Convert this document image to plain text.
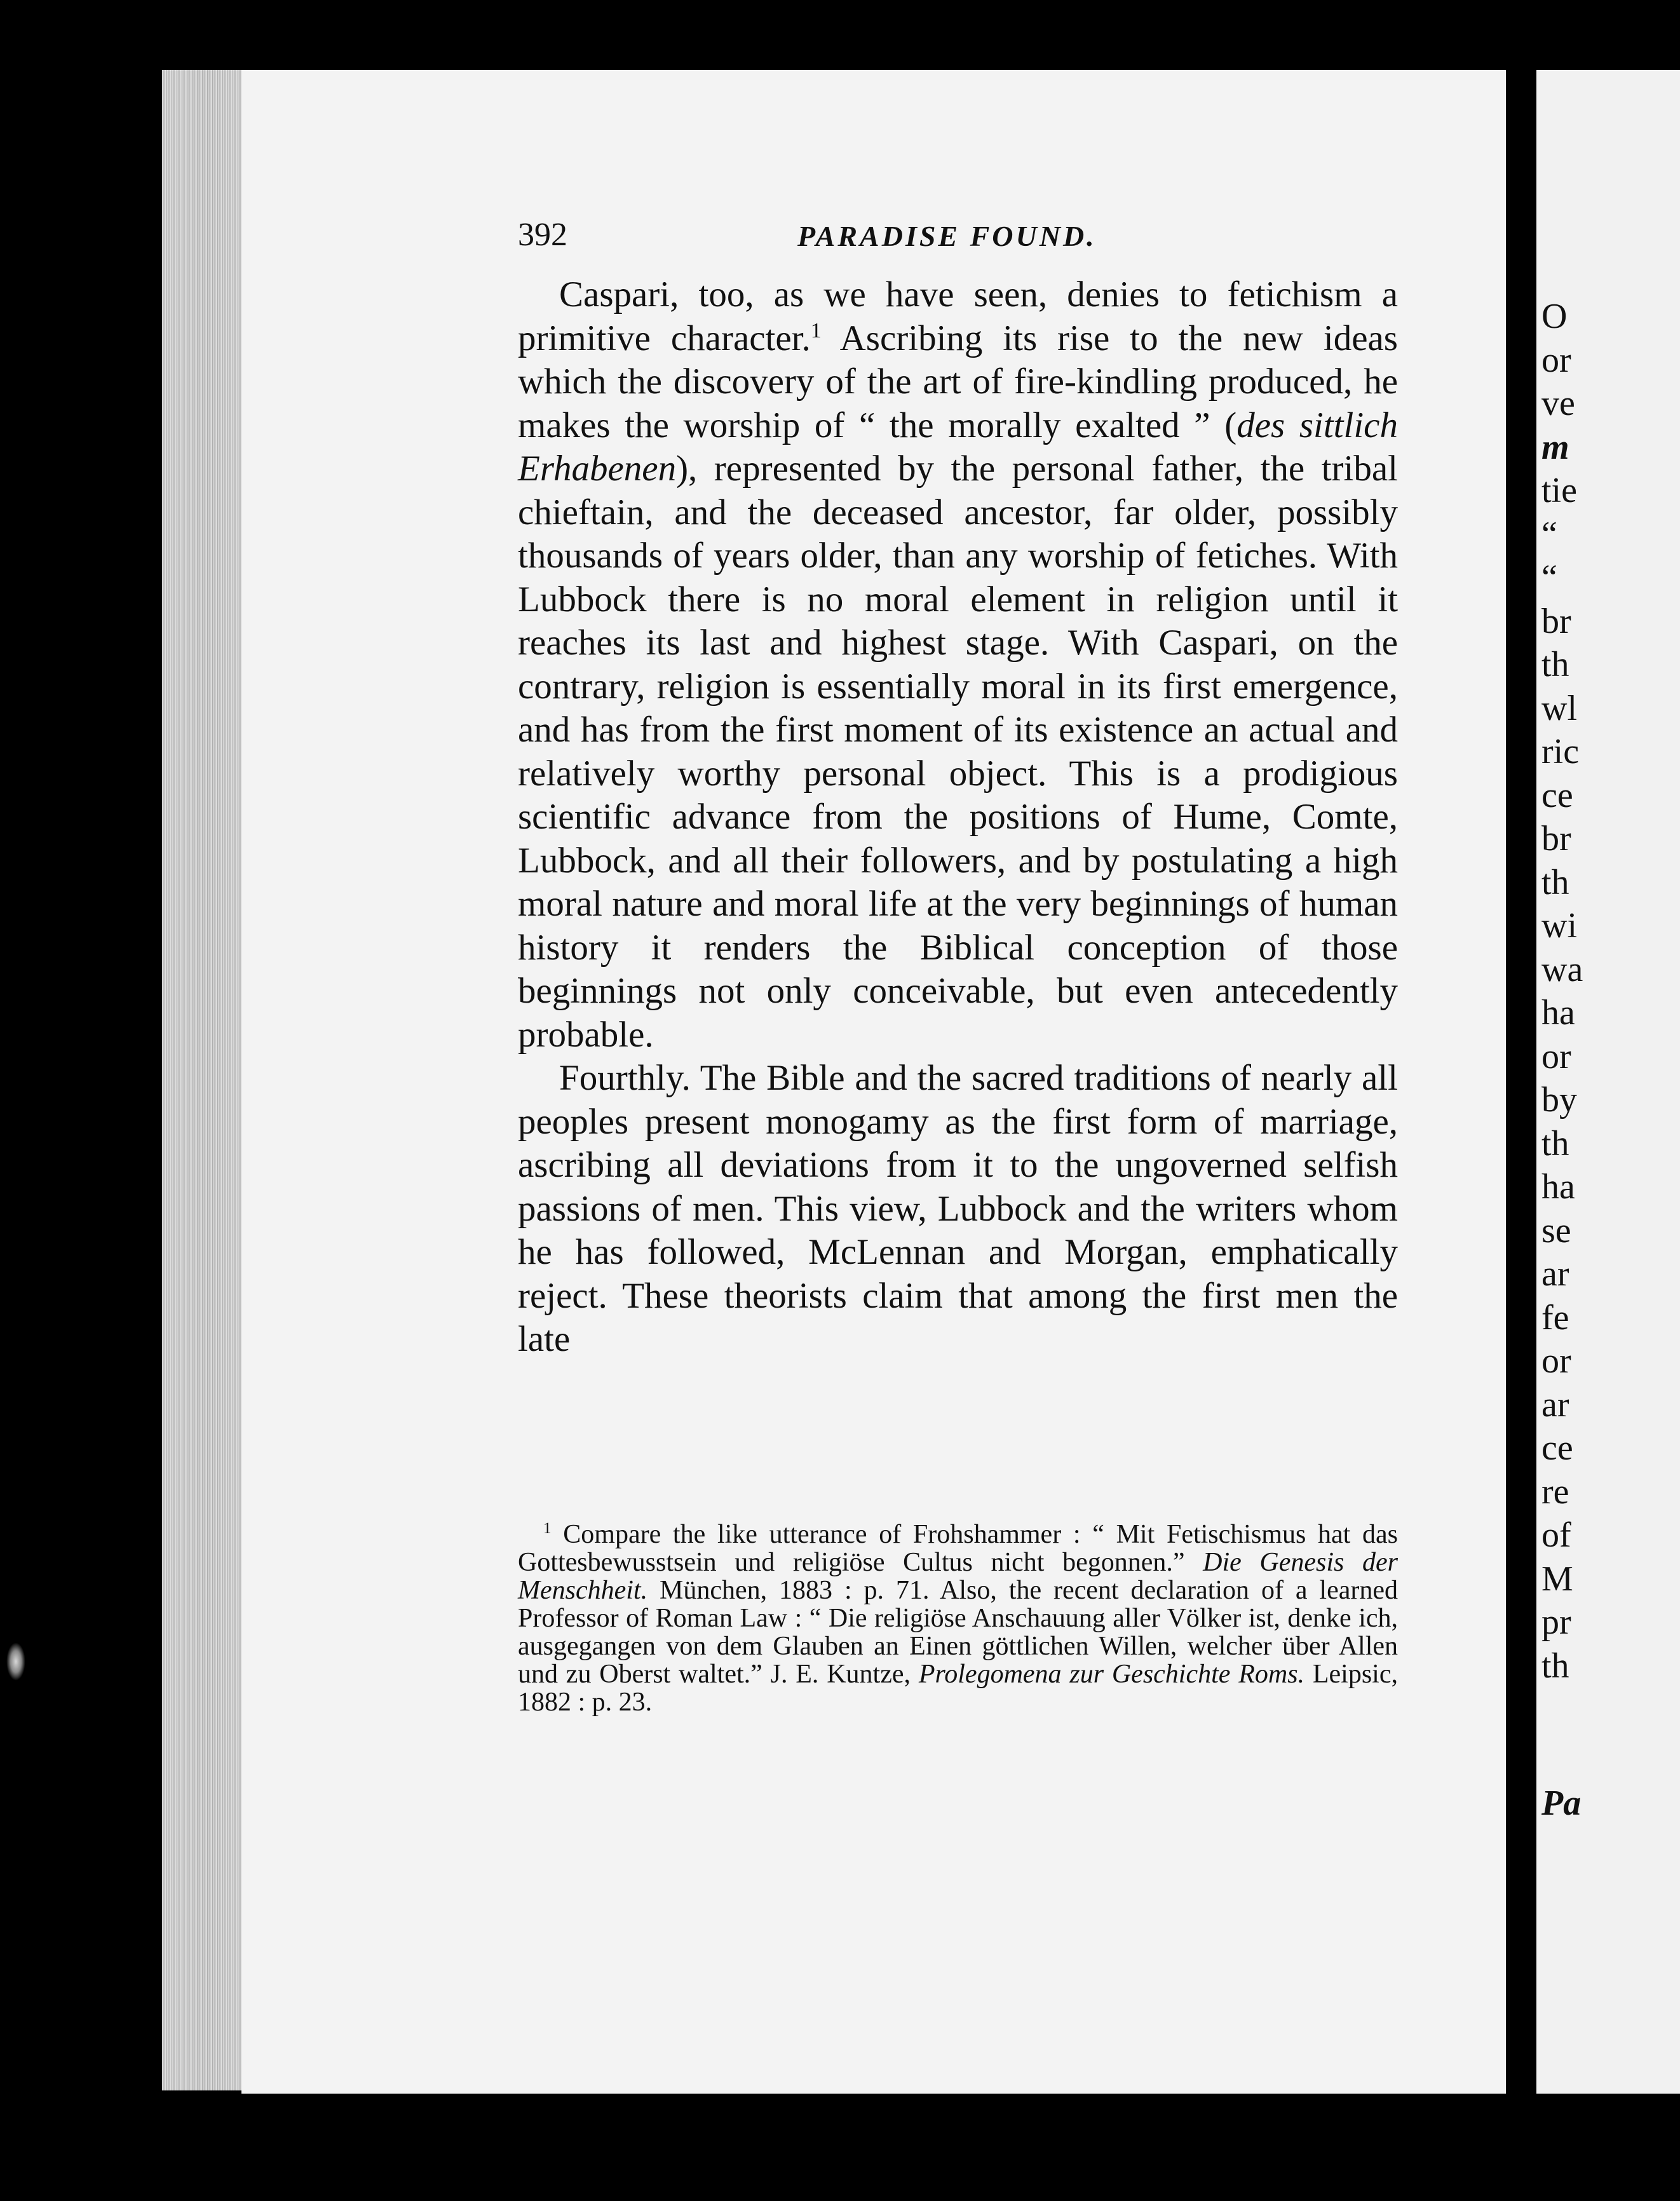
392	PARADISE FOUND.

Caspari, too, as we have seen, denies to fetichism a primitive character.$^1$ Ascribing its rise to the new ideas which the discovery of the art of fire-kindling produced, he makes the worship of “ the morally exalted ” (des sittlich Erhabenen), represented by the personal father, the tribal chieftain, and the deceased ancestor, far older, possibly thousands of years older, than any worship of fetiches. With Lubbock there is no moral element in religion until it reaches its last and highest stage. With Caspari, on the contrary, religion is essentially moral in its first emergence, and has from the first moment of its existence an actual and relatively worthy personal object. This is a prodigious scientific advance from the positions of Hume, Comte, Lubbock, and all their followers, and by postulating a high moral nature and moral life at the very beginnings of human history it renders the Biblical conception of those beginnings not only conceivable, but even antecedently probable.

Fourthly. The Bible and the sacred traditions of nearly all peoples present monogamy as the first form of marriage, ascribing all deviations from it to the ungoverned selfish passions of men. This view, Lubbock and the writers whom he has followed, McLennan and Morgan, emphatically reject. These theorists claim that among the first men the late

$^1$ Compare the like utterance of Frohshammer : “ Mit Fetischismus hat das Gottesbewusstsein und religiöse Cultus nicht begonnen.” Die Genesis der Menschheit. München, 1883 : p. 71. Also, the recent declaration of a learned Professor of Roman Law : “ Die religiöse Anschauung aller Völker ist, denke ich, ausgegangen von dem Glauben an Einen göttlichen Willen, welcher über Allen und zu Oberst waltet.” J. E. Kuntze, Prolegomena zur Geschichte Roms. Leipsic, 1882 : p. 23.

O
or
ve
m
tie
“
“
br
th
wl
ric
ce
br
th
wi
wa
ha
or
by
th
ha
se
ar
fe
or
ar
ce
re
of
M
pr
th
Pa
